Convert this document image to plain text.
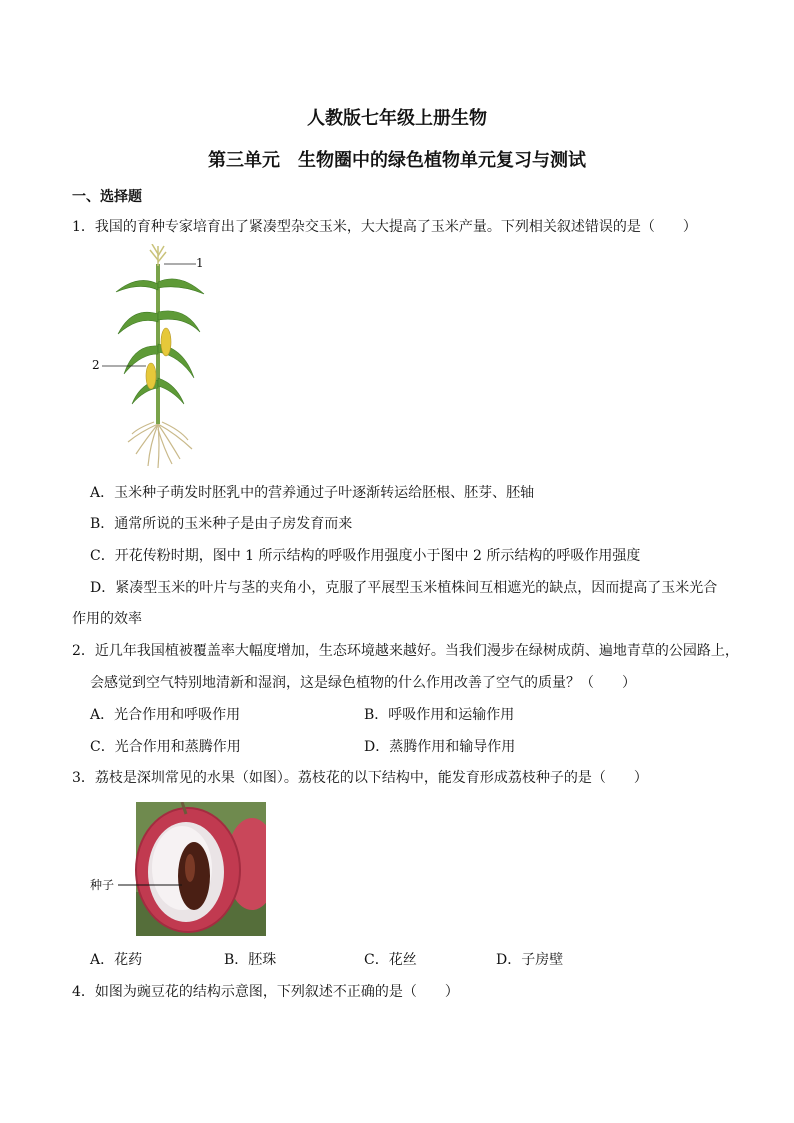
人教版七年级上册生物
第三单元　生物圈中的绿色植物单元复习与测试
一、选择题
1．我国的育种专家培育出了紧凑型杂交玉米，大大提高了玉米产量。下列相关叙述错误的是（　　）
1
2
A．玉米种子萌发时胚乳中的营养通过子叶逐渐转运给胚根、胚芽、胚轴
B．通常所说的玉米种子是由子房发育而来
C．开花传粉时期，图中 1 所示结构的呼吸作用强度小于图中 2 所示结构的呼吸作用强度
D．紧凑型玉米的叶片与茎的夹角小，克服了平展型玉米植株间互相遮光的缺点，因而提高了玉米光合
作用的效率
2．近几年我国植被覆盖率大幅度增加，生态环境越来越好。当我们漫步在绿树成荫、遍地青草的公园路上，
会感觉到空气特别地清新和湿润，这是绿色植物的什么作用改善了空气的质量？（　　）
A．光合作用和呼吸作用	B．呼吸作用和运输作用
C．光合作用和蒸腾作用	D．蒸腾作用和输导作用
3．荔枝是深圳常见的水果（如图）。荔枝花的以下结构中，能发育形成荔枝种子的是（　　）
种子
A．花药	B．胚珠	C．花丝	D．子房壁
4．如图为豌豆花的结构示意图，下列叙述不正确的是（　　）
